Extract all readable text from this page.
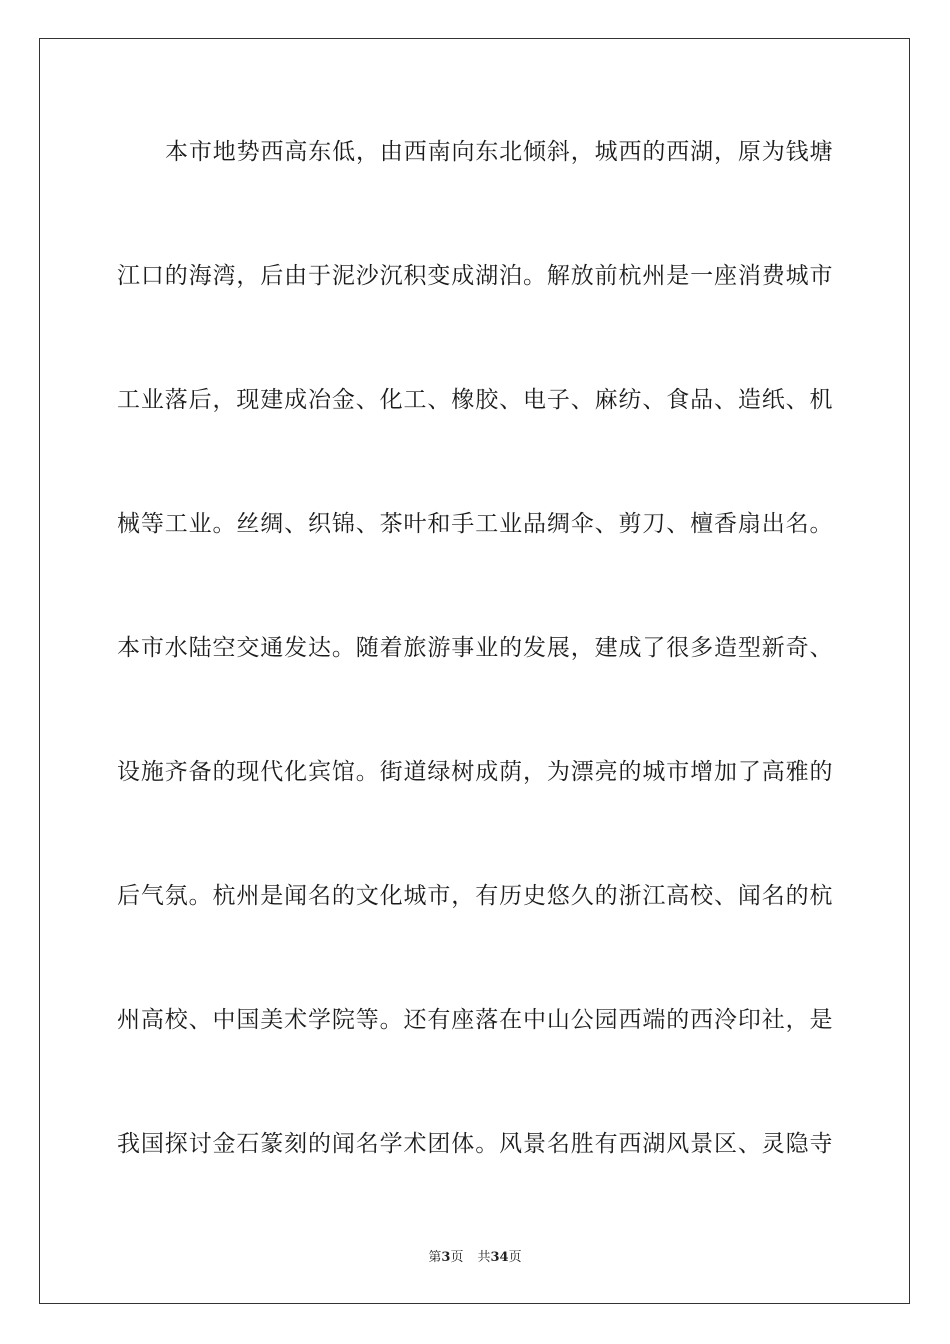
本市地势西高东低，由西南向东北倾斜，城西的西湖，原为钱塘
江口的海湾，后由于泥沙沉积变成湖泊。解放前杭州是一座消费城市
工业落后，现建成冶金、化工、橡胶、电子、麻纺、食品、造纸、机
械等工业。丝绸、织锦、茶叶和手工业品绸伞、剪刀、檀香扇出名。
本市水陆空交通发达。随着旅游事业的发展，建成了很多造型新奇、
设施齐备的现代化宾馆。街道绿树成荫，为漂亮的城市增加了高雅的
后气氛。杭州是闻名的文化城市，有历史悠久的浙江高校、闻名的杭
州高校、中国美术学院等。还有座落在中山公园西端的西泠印社，是
我国探讨金石篆刻的闻名学术团体。风景名胜有西湖风景区、灵隐寺
第3页 共34页
